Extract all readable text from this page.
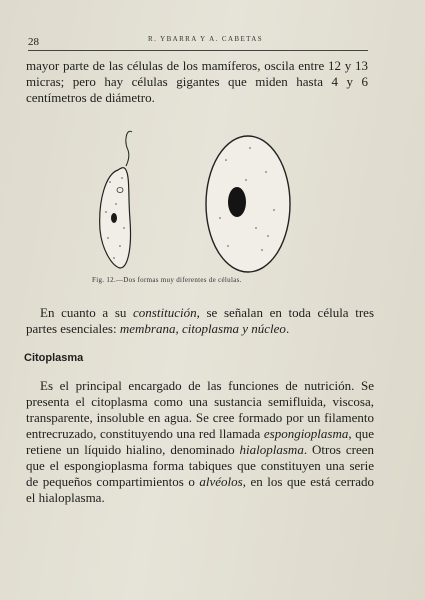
28	R. YBARRA Y A. CABETAS

mayor parte de las células de los mamíferos, oscila entre 12 y 13 micras; pero hay células gigantes que miden hasta 4 y 6 centímetros de diámetro.

Fig. 12.—Dos formas muy diferentes de células.

En cuanto a su constitución, se señalan en toda célula tres partes esenciales: membrana, citoplasma y núcleo.

Citoplasma

Es el principal encargado de las funciones de nutrición. Se presenta el citoplasma como una sustancia semifluida, viscosa, transparente, insoluble en agua. Se cree formado por un filamento entrecruzado, constituyendo una red llamada espongioplasma, que retiene un líquido hialino, denominado hialoplasma. Otros creen que el espongioplasma forma tabiques que constituyen una serie de pequeños compartimientos o alvéolos, en los que está cerrado el hialoplasma.
